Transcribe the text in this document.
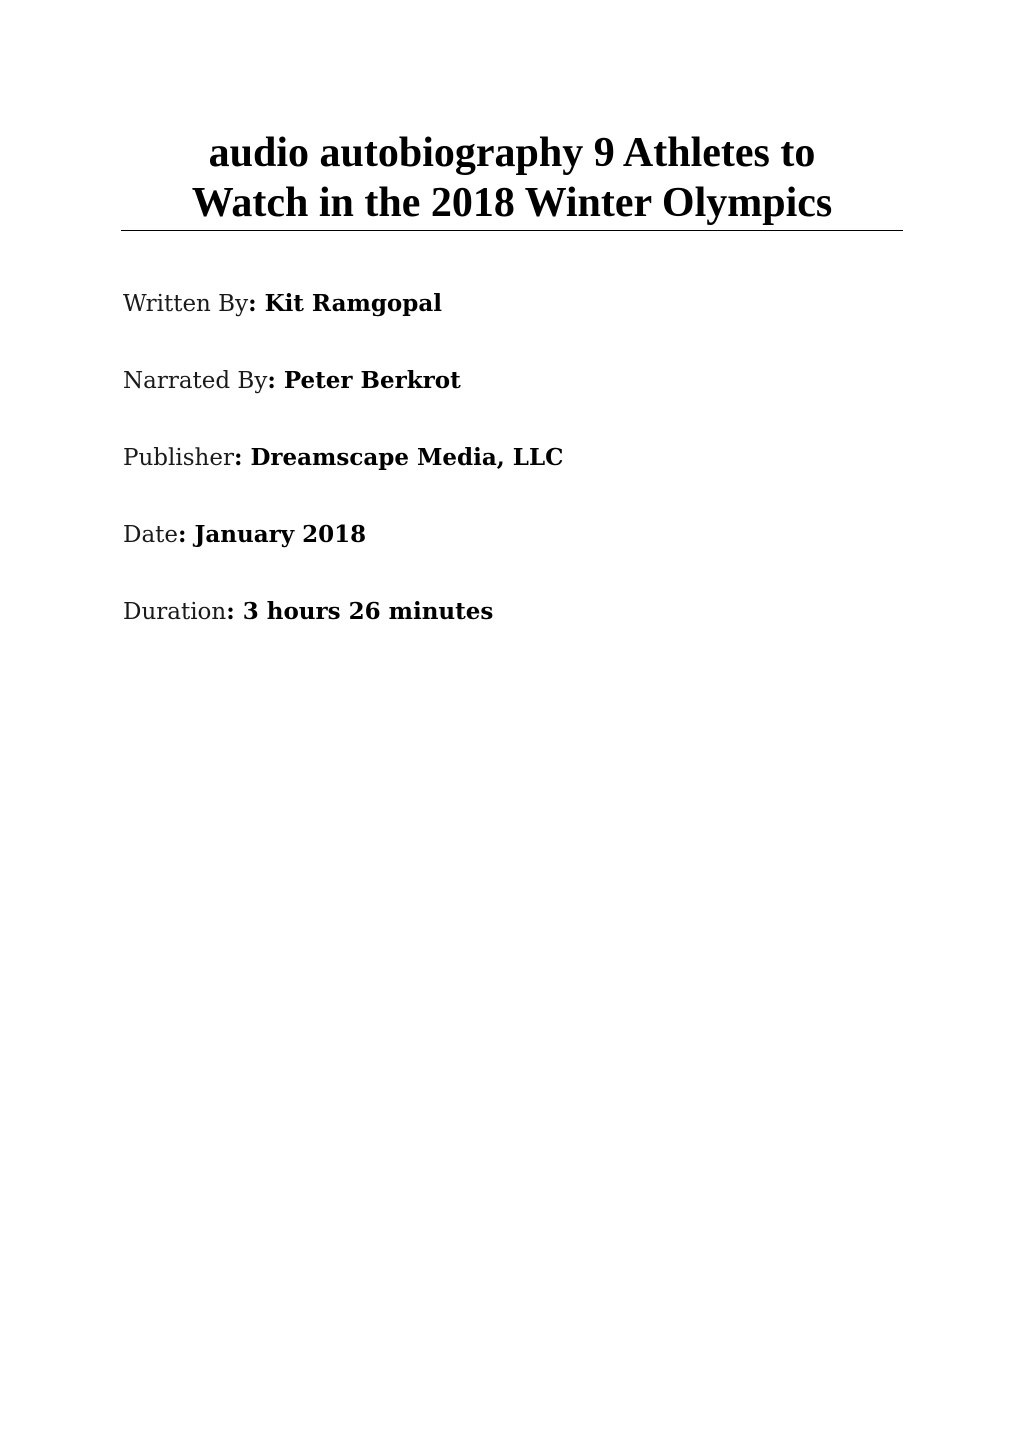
audio autobiography 9 Athletes to
Watch in the 2018 Winter Olympics
Written By: Kit Ramgopal
Narrated By: Peter Berkrot
Publisher: Dreamscape Media, LLC
Date: January 2018
Duration: 3 hours 26 minutes
